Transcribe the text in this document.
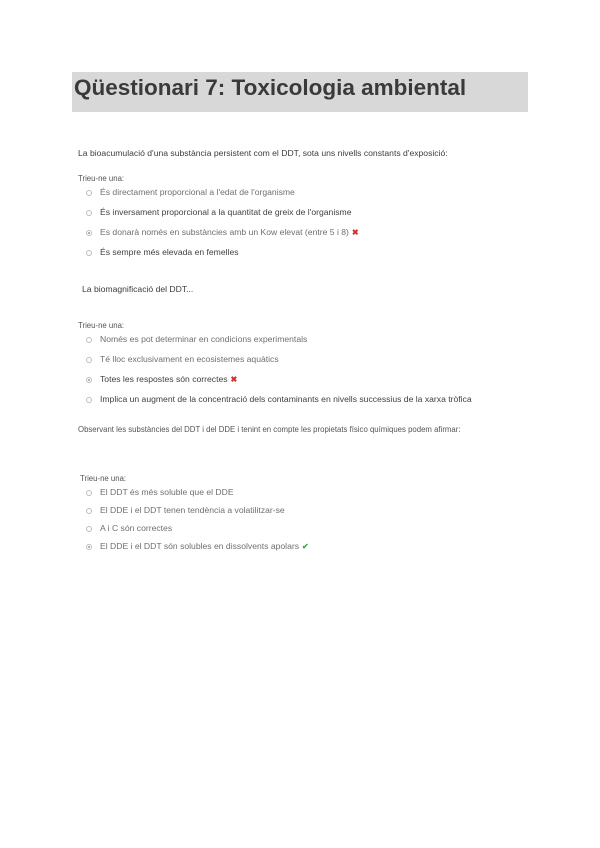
Qüestionari 7: Toxicologia ambiental

La bioacumulació d'una substància persistent com el DDT, sota uns nivells constants d'exposició:

Trieu-ne una:

És directament proporcional a l'edat de l'organisme
És inversament proporcional a la quantitat de greix de l'organisme
Es donarà només en substàncies amb un Kow elevat (entre 5 i 8) ✖
És sempre més elevada en femelles

La biomagnificació del DDT...

Trieu-ne una:

Només es pot determinar en condicions experimentals
Té lloc exclusivament en ecosistemes aquàtics
Totes les respostes són correctes ✖
Implica un augment de la concentració dels contaminants en nivells successius de la xarxa tròfica

Observant les substàncies del DDT i del DDE i tenint en compte les propietats físico químiques podem afirmar:

Trieu-ne una:

El DDT és més soluble que el DDE
El DDE i el DDT tenen tendència a volatilitzar-se
A i C són correctes
El DDE i el DDT són solubles en dissolvents apolars ✔
